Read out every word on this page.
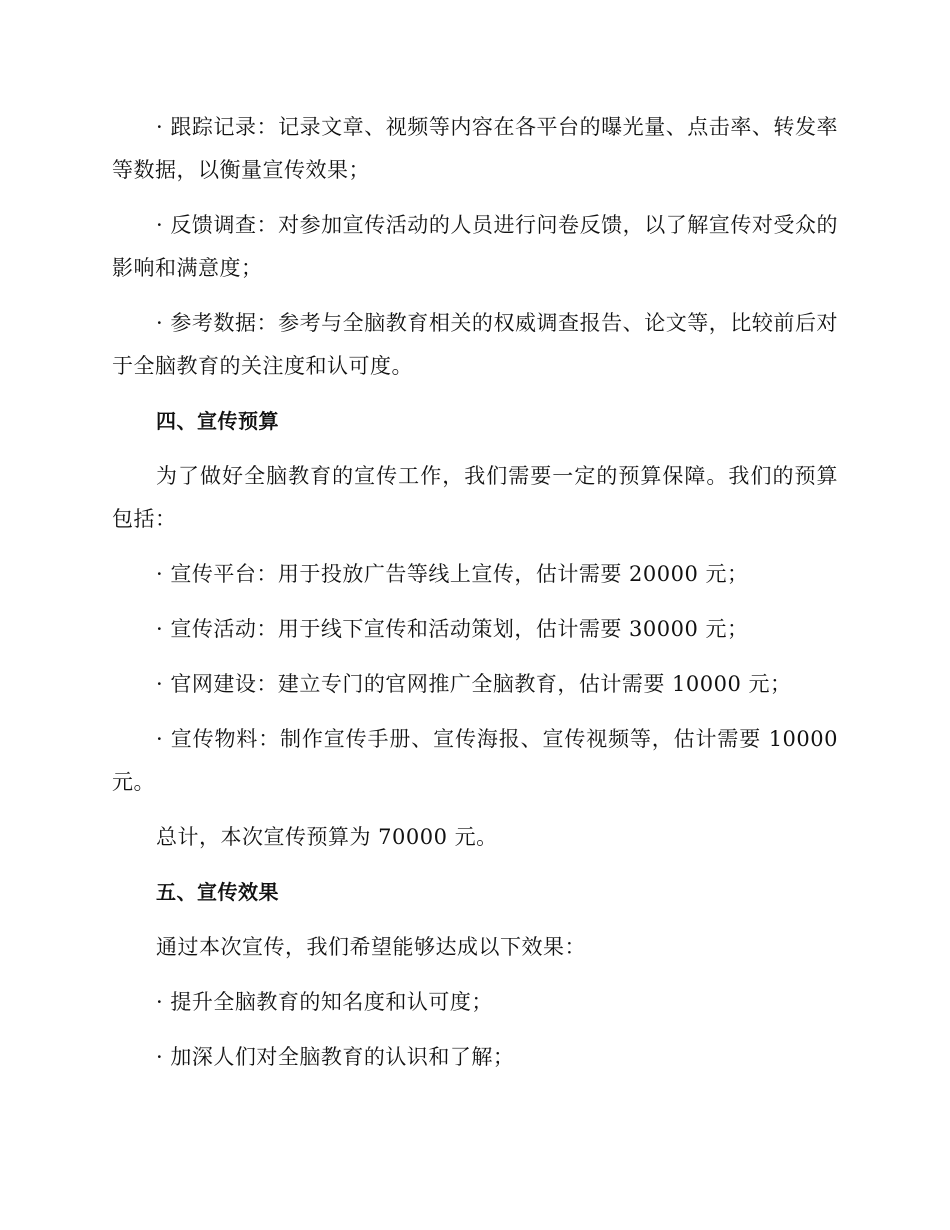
· 跟踪记录：记录文章、视频等内容在各平台的曝光量、点击率、转发率等数据，以衡量宣传效果；

· 反馈调查：对参加宣传活动的人员进行问卷反馈，以了解宣传对受众的影响和满意度；

· 参考数据：参考与全脑教育相关的权威调查报告、论文等，比较前后对于全脑教育的关注度和认可度。

四、宣传预算

为了做好全脑教育的宣传工作，我们需要一定的预算保障。我们的预算包括：

· 宣传平台：用于投放广告等线上宣传，估计需要 20000 元；

· 宣传活动：用于线下宣传和活动策划，估计需要 30000 元；

· 官网建设：建立专门的官网推广全脑教育，估计需要 10000 元；

· 宣传物料：制作宣传手册、宣传海报、宣传视频等，估计需要 10000 元。

总计，本次宣传预算为 70000 元。

五、宣传效果

通过本次宣传，我们希望能够达成以下效果：

· 提升全脑教育的知名度和认可度；

· 加深人们对全脑教育的认识和了解；
